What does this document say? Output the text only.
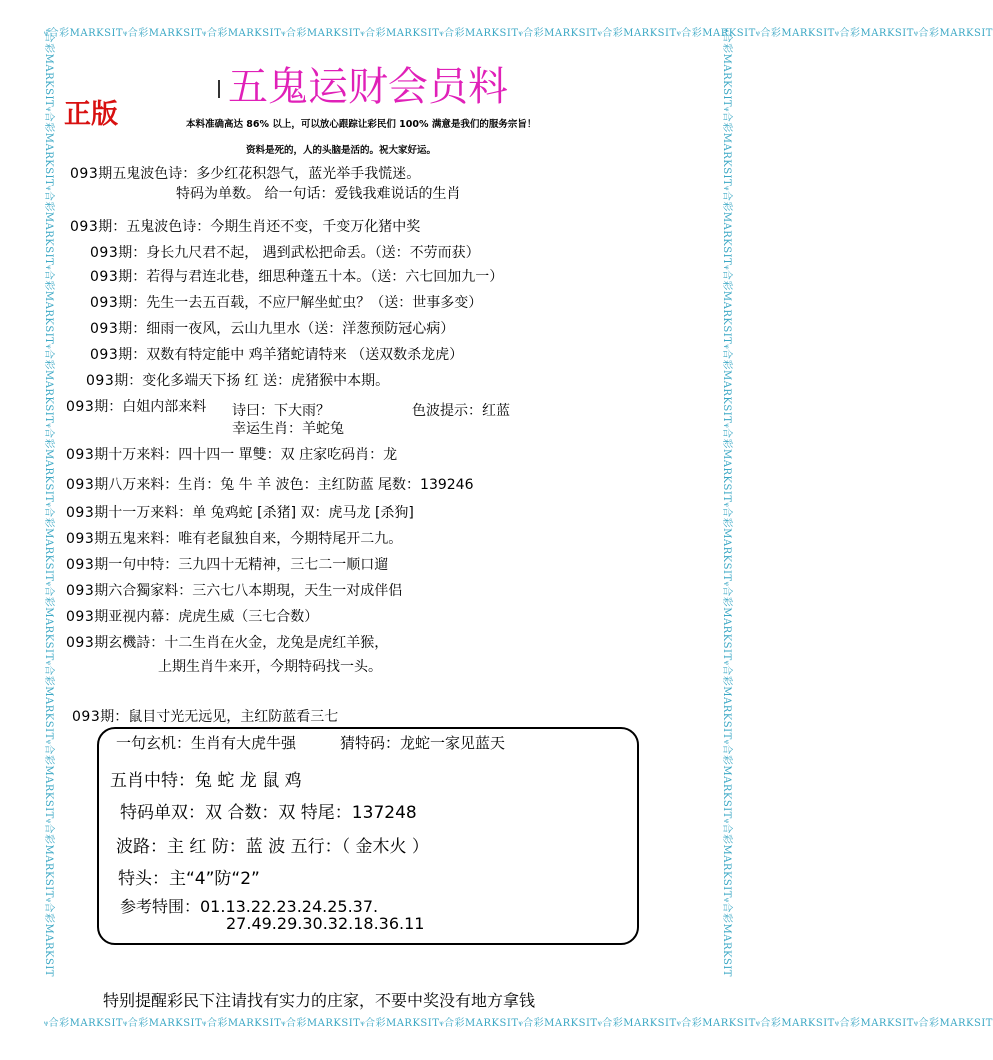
ⳡ合彩MARKSITⳡ合彩MARKSITⳡ合彩MARKSITⳡ合彩MARKSITⳡ合彩MARKSITⳡ合彩MARKSITⳡ合彩MARKSITⳡ合彩MARKSITⳡ合彩MARKSITⳡ合彩MARKSITⳡ合彩MARKSITⳡ合彩MARKSIT
ⳡ合彩MARKSITⳡ合彩MARKSITⳡ合彩MARKSITⳡ合彩MARKSITⳡ合彩MARKSITⳡ合彩MARKSITⳡ合彩MARKSITⳡ合彩MARKSITⳡ合彩MARKSITⳡ合彩MARKSITⳡ合彩MARKSITⳡ合彩MARKSIT
ⳡ合彩MARKSITⳡ合彩MARKSITⳡ合彩MARKSITⳡ合彩MARKSITⳡ合彩MARKSITⳡ合彩MARKSITⳡ合彩MARKSITⳡ合彩MARKSITⳡ合彩MARKSITⳡ合彩MARKSITⳡ合彩MARKSITⳡ合彩MARKSIT	ⳡ合彩MARKSITⳡ合彩MARKSITⳡ合彩MARKSITⳡ合彩MARKSITⳡ合彩MARKSITⳡ合彩MARKSITⳡ合彩MARKSITⳡ合彩MARKSITⳡ合彩MARKSITⳡ合彩MARKSITⳡ合彩MARKSITⳡ合彩MARKSIT
五鬼运财会员料
正版	本料准确高达 86% 以上，可以放心跟踪让彩民们 100% 满意是我们的服务宗旨！
资料是死的，人的头脑是活的。祝大家好运。
093期五鬼波色诗：多少红花积怨气，蓝光举手我慌迷。
特码为单数。 给一句话：爱钱我难说话的生肖
093期：五鬼波色诗：今期生肖还不变，千变万化猪中奖
093期：身长九尺君不起， 遇到武松把命丢。（送：不劳而获）
093期：若得与君连北巷，细思种蓬五十本。（送：六七回加九一）
093期：先生一去五百载，不应尸解坐虻虫？（送：世事多变）
093期：细雨一夜风，云山九里水（送：洋葱预防冠心病）
093期：双数有特定能中 鸡羊猪蛇请特来 （送双数杀龙虎）
093期：变化多端天下扬 红 送：虎猪猴中本期。
093期：白姐内部来料 诗曰：下大雨？	色波提示：红蓝
幸运生肖：羊蛇兔
093期十万来料：四十四一 單雙：双 庄家吃码肖：龙
093期八万来料：生肖：兔 牛 羊 波色：主红防蓝 尾数：139246
093期十一万来料：单 兔鸡蛇 [杀猪] 双：虎马龙 [杀狗]
093期五鬼来料：唯有老鼠独自来，今期特尾开二九。
093期一句中特：三九四十无精神，三七二一顺口遛
093期六合獨家料：三六七八本期現，天生一对成伴侣
093期亚视内幕：虎虎生威（三七合数）
093期玄機詩：十二生肖在火金，龙兔是虎红羊猴，
上期生肖牛来开，今期特码找一头。
093期：鼠目寸光无远见，主红防蓝看三七
一句玄机：生肖有大虎牛强	猜特码：龙蛇一家见蓝天
五肖中特：兔 蛇 龙 鼠 鸡
特码单双：双 合数：双 特尾：137248
波路：主 红 防：蓝 波 五行：（ 金木火 ）
特头：主“4”防“2”
参考特围：01.13.22.23.24.25.37.
27.49.29.30.32.18.36.11
特别提醒彩民下注请找有实力的庄家，不要中奖没有地方拿钱
